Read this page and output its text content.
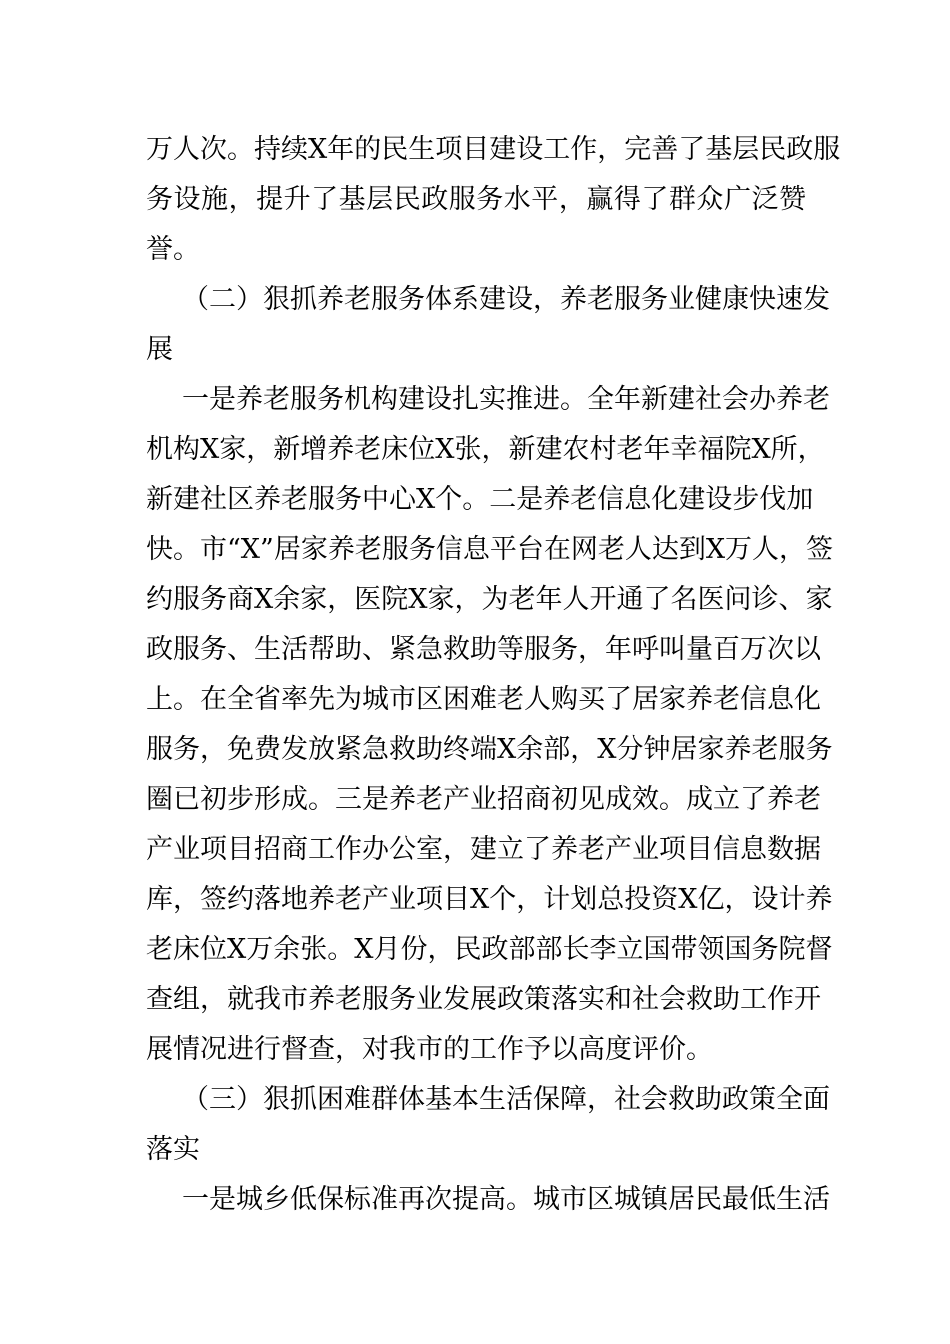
万人次。持续X年的民生项目建设工作，完善了基层民政服
务设施，提升了基层民政服务水平，赢得了群众广泛赞
誉。
（二）狠抓养老服务体系建设，养老服务业健康快速发
展
一是养老服务机构建设扎实推进。全年新建社会办养老
机构X家，新增养老床位X张，新建农村老年幸福院X所，
新建社区养老服务中心X个。二是养老信息化建设步伐加
快。市“X”居家养老服务信息平台在网老人达到X万人，签
约服务商X余家，医院X家，为老年人开通了名医问诊、家
政服务、生活帮助、紧急救助等服务，年呼叫量百万次以
上。在全省率先为城市区困难老人购买了居家养老信息化
服务，免费发放紧急救助终端X余部，X分钟居家养老服务
圈已初步形成。三是养老产业招商初见成效。成立了养老
产业项目招商工作办公室，建立了养老产业项目信息数据
库，签约落地养老产业项目X个，计划总投资X亿，设计养
老床位X万余张。X月份，民政部部长李立国带领国务院督
查组，就我市养老服务业发展政策落实和社会救助工作开
展情况进行督查，对我市的工作予以高度评价。
（三）狠抓困难群体基本生活保障，社会救助政策全面
落实
一是城乡低保标准再次提高。城市区城镇居民最低生活
